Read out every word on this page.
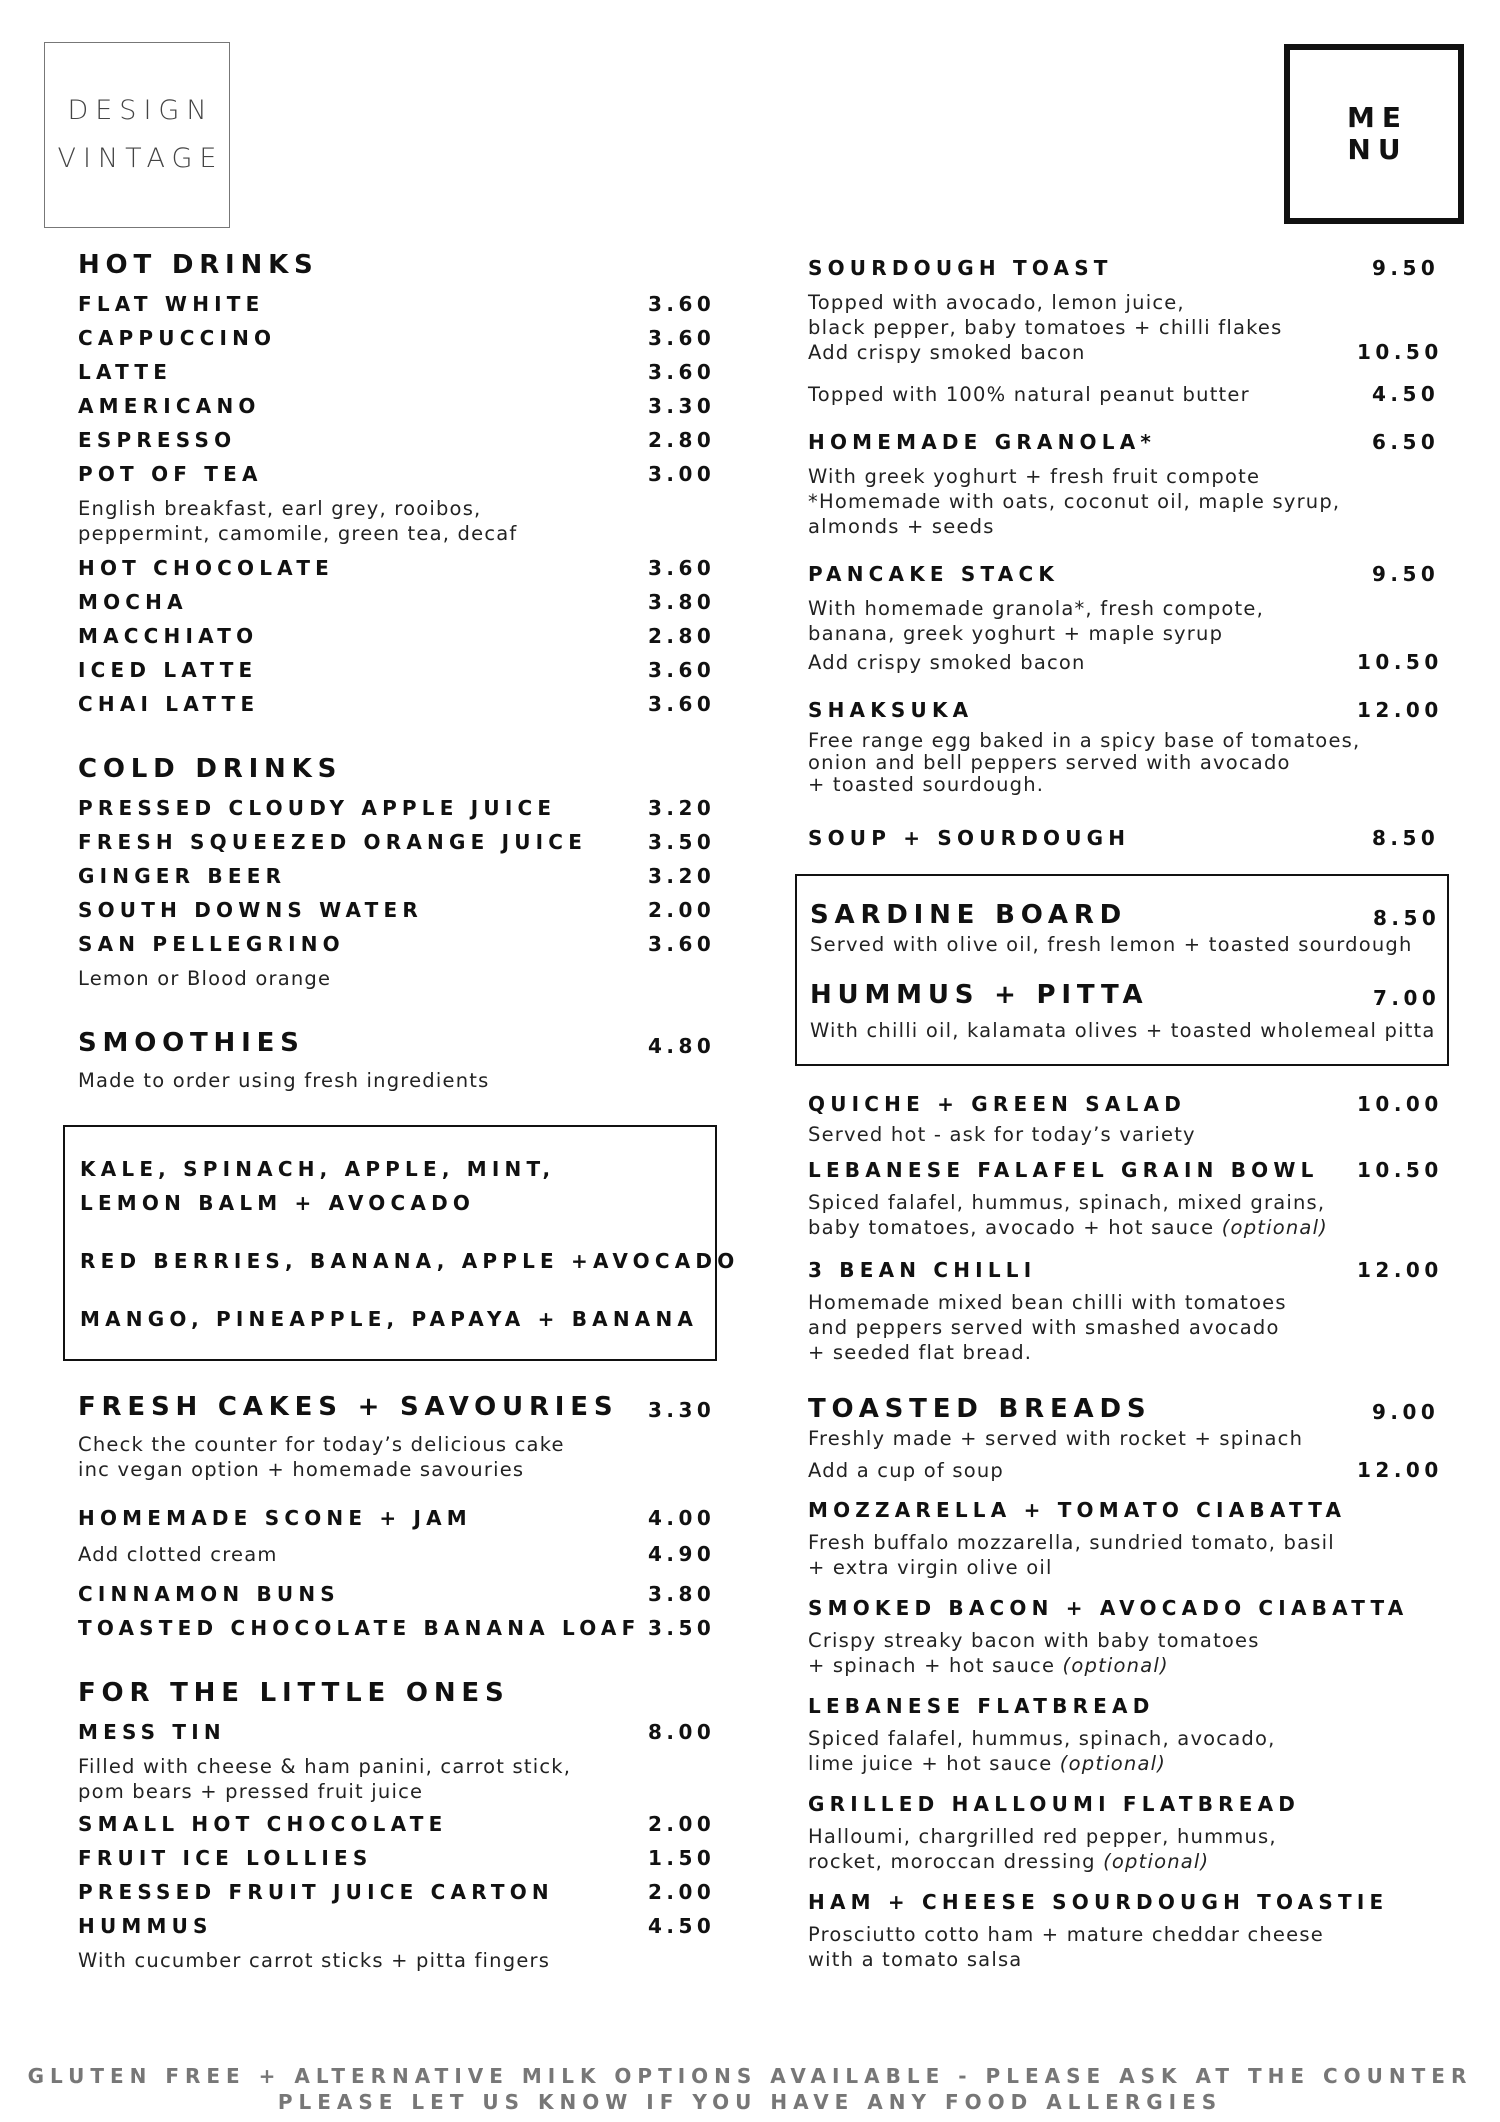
DESIGN
VINTAGE
ME
NU
HOT DRINKS
FLAT WHITE	3.60
CAPPUCCINO	3.60
LATTE	3.60
AMERICANO	3.30
ESPRESSO	2.80
POT OF TEA	3.00
English breakfast, earl grey, rooibos,
peppermint, camomile, green tea, decaf
HOT CHOCOLATE	3.60
MOCHA	3.80
MACCHIATO	2.80
ICED LATTE	3.60
CHAI LATTE	3.60
COLD DRINKS
PRESSED CLOUDY APPLE JUICE	3.20
FRESH SQUEEZED ORANGE JUICE	3.50
GINGER BEER	3.20
SOUTH DOWNS WATER	2.00
SAN PELLEGRINO	3.60
Lemon or Blood orange
SMOOTHIES	4.80
Made to order using fresh ingredients
KALE, SPINACH, APPLE, MINT,
LEMON BALM + AVOCADO
RED BERRIES, BANANA, APPLE +AVOCADO
MANGO, PINEAPPLE, PAPAYA + BANANA
FRESH CAKES + SAVOURIES 3.30
Check the counter for today’s delicious cake
inc vegan option + homemade savouries
HOMEMADE SCONE + JAM	4.00
Add clotted cream	4.90
CINNAMON BUNS	3.80
TOASTED CHOCOLATE BANANA LOAF 3.50
FOR THE LITTLE ONES
MESS TIN	8.00
Filled with cheese & ham panini, carrot stick,
pom bears + pressed fruit juice
SMALL HOT CHOCOLATE	2.00
FRUIT ICE LOLLIES	1.50
PRESSED FRUIT JUICE CARTON	2.00
HUMMUS	4.50
With cucumber carrot sticks + pitta fingers
SOURDOUGH TOAST	9.50
Topped with avocado, lemon juice,
black pepper, baby tomatoes + chilli flakes
Add crispy smoked bacon	10.50
Topped with 100% natural peanut butter	4.50
HOMEMADE GRANOLA*	6.50
With greek yoghurt + fresh fruit compote
*Homemade with oats, coconut oil, maple syrup,
almonds + seeds
PANCAKE STACK	9.50
With homemade granola*, fresh compote,
banana, greek yoghurt + maple syrup
Add crispy smoked bacon	10.50
SHAKSUKA	12.00
Free range egg baked in a spicy base of tomatoes,
onion and bell peppers served with avocado
+ toasted sourdough.
SOUP + SOURDOUGH	8.50
SARDINE BOARD	8.50
Served with olive oil, fresh lemon + toasted sourdough
HUMMUS + PITTA	7.00
With chilli oil, kalamata olives + toasted wholemeal pitta
QUICHE + GREEN SALAD	10.00
Served hot - ask for today’s variety
LEBANESE FALAFEL GRAIN BOWL 10.50
Spiced falafel, hummus, spinach, mixed grains,
baby tomatoes, avocado + hot sauce (optional)
3 BEAN CHILLI	12.00
Homemade mixed bean chilli with tomatoes
and peppers served with smashed avocado
+ seeded flat bread.
TOASTED BREADS	9.00
Freshly made + served with rocket + spinach
Add a cup of soup	12.00
MOZZARELLA + TOMATO CIABATTA
Fresh buffalo mozzarella, sundried tomato, basil
+ extra virgin olive oil
SMOKED BACON + AVOCADO CIABATTA
Crispy streaky bacon with baby tomatoes
+ spinach + hot sauce (optional)
LEBANESE FLATBREAD
Spiced falafel, hummus, spinach, avocado,
lime juice + hot sauce (optional)
GRILLED HALLOUMI FLATBREAD
Halloumi, chargrilled red pepper, hummus,
rocket, moroccan dressing (optional)
HAM + CHEESE SOURDOUGH TOASTIE
Prosciutto cotto ham + mature cheddar cheese
with a tomato salsa
GLUTEN FREE + ALTERNATIVE MILK OPTIONS AVAILABLE - PLEASE ASK AT THE COUNTER
PLEASE LET US KNOW IF YOU HAVE ANY FOOD ALLERGIES
